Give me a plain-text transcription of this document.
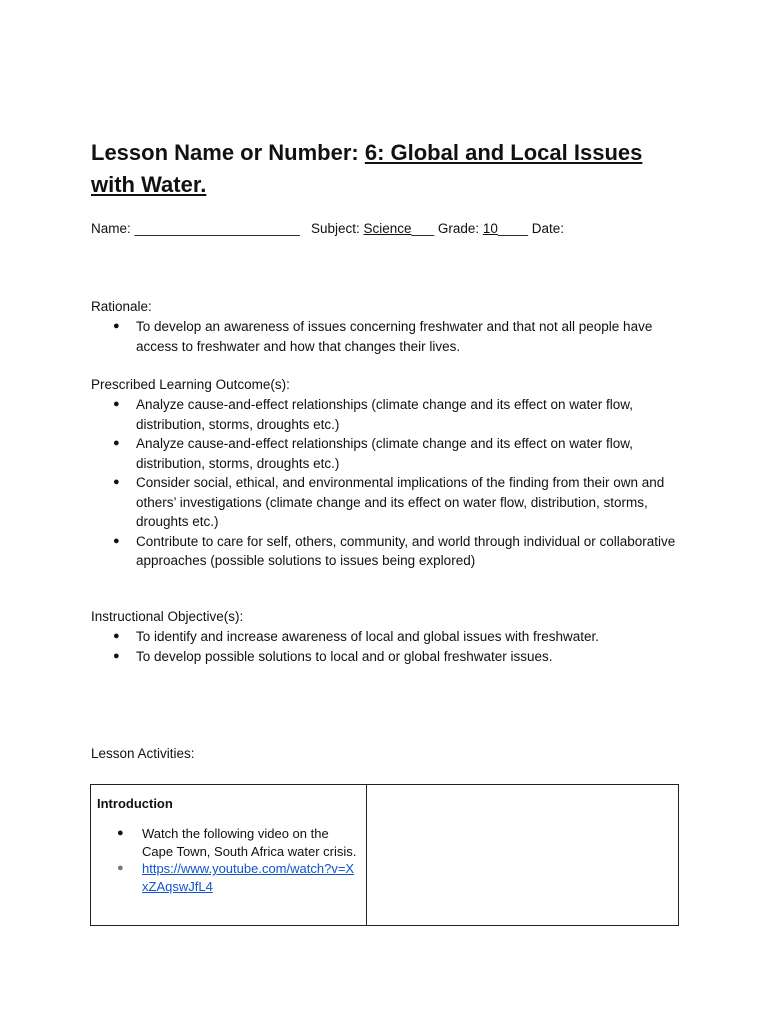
Lesson Name or Number: 6: Global and Local Issues with Water.
Name: ______________________ Subject: Science___ Grade: 10____ Date:

Rationale:

● To develop an awareness of issues concerning freshwater and that not all people have access to freshwater and how that changes their lives.

Prescribed Learning Outcome(s):

● Analyze cause-and-effect relationships (climate change and its effect on water flow, distribution, storms, droughts etc.)
● Analyze cause-and-effect relationships (climate change and its effect on water flow, distribution, storms, droughts etc.)
● Consider social, ethical, and environmental implications of the finding from their own and others’ investigations (climate change and its effect on water flow, distribution, storms, droughts etc.)
● Contribute to care for self, others, community, and world through individual or collaborative approaches (possible solutions to issues being explored)

Instructional Objective(s):

● To identify and increase awareness of local and global issues with freshwater.
● To develop possible solutions to local and or global freshwater issues.

Lesson Activities:

Introduction

● Watch the following video on the Cape Town, South Africa water crisis.
● https://www.youtube.com/watch?v=XxZAqswJfL4
